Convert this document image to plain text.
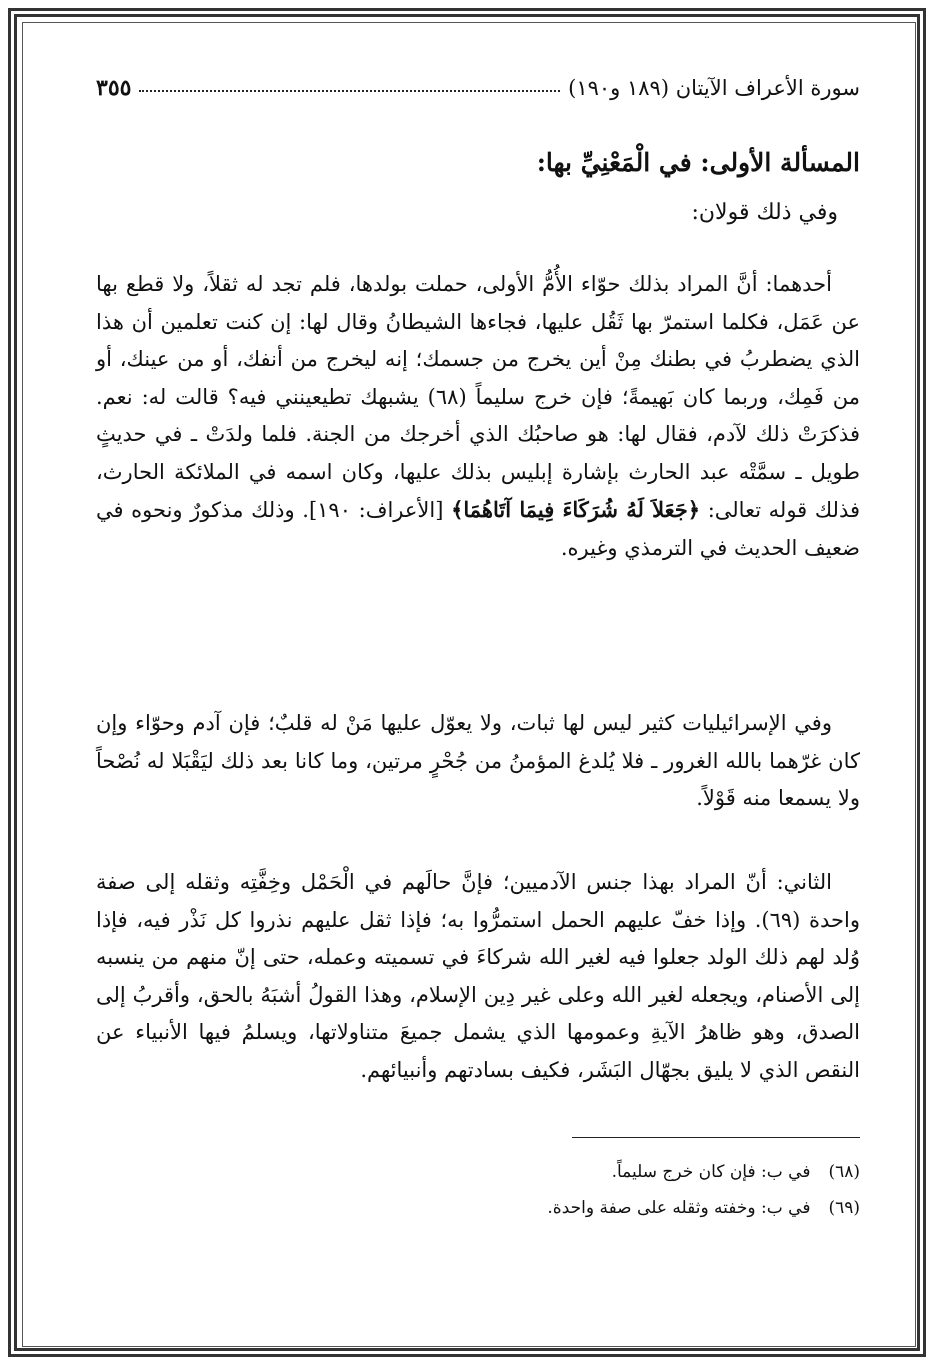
سورة الأعراف الآيتان (١٨٩ و١٩٠)
٣٥٥
المسألة الأولى: في الْمَعْنِيِّ بها:
وفي ذلك قولان:
أحدهما: أنَّ المراد بذلك حوّاء الأُمُّ الأولى، حملت بولدها، فلم تجد له ثقلاً، ولا قطع بها عن عَمَل، فكلما استمرّ بها ثَقُل عليها، فجاءها الشيطانُ وقال لها: إن كنت تعلمين أن هذا الذي يضطربُ في بطنك مِنْ أين يخرج من جسمك؛ إنه ليخرج من أنفك، أو من عينك، أو من فَمِك، وربما كان بَهيمةً؛ فإن خرج سليماً (٦٨) يشبهك تطيعينني فيه؟ قالت له: نعم. فذكرَتْ ذلك لآدم، فقال لها: هو صاحبُك الذي أخرجك من الجنة. فلما ولدَتْ ـ في حديثٍ طويل ـ سمَّتْه عبد الحارث بإشارة إبليس بذلك عليها، وكان اسمه في الملائكة الحارث، فذلك قوله تعالى: ﴿جَعَلاَ لَهُ شُرَكَاءَ فِيمَا آتَاهُمَا﴾ [الأعراف: ١٩٠]. وذلك مذكورٌ ونحوه في ضعيف الحديث في الترمذي وغيره.
وفي الإسرائيليات كثير ليس لها ثبات، ولا يعوّل عليها مَنْ له قلبٌ؛ فإن آدم وحوّاء وإن كان غرّهما بالله الغرور ـ فلا يُلدغ المؤمنُ من جُحْرٍ مرتين، وما كانا بعد ذلك ليَقْبَلا له نُصْحاً ولا يسمعا منه قَوْلاً.
الثاني: أنّ المراد بهذا جنس الآدميين؛ فإنَّ حالَهم في الْحَمْل وخِفَّتِه وثقله إلى صفة واحدة (٦٩). وإذا خفّ عليهم الحمل استمرُّوا به؛ فإذا ثقل عليهم نذروا كل نَذْر فيه، فإذا وُلد لهم ذلك الولد جعلوا فيه لغير الله شركاءَ في تسميته وعمله، حتى إنّ منهم من ينسبه إلى الأصنام، ويجعله لغير الله وعلى غير دِين الإسلام، وهذا القولُ أشبَهُ بالحق، وأقربُ إلى الصدق، وهو ظاهرُ الآيةِ وعمومها الذي يشمل جميعَ متناولاتها، ويسلمُ فيها الأنبياء عن النقص الذي لا يليق بجهّال البَشَر، فكيف بسادتهم وأنبيائهم.
(٦٨)
في ب: فإن كان خرج سليماً.
(٦٩)
في ب: وخفته وثقله على صفة واحدة.
